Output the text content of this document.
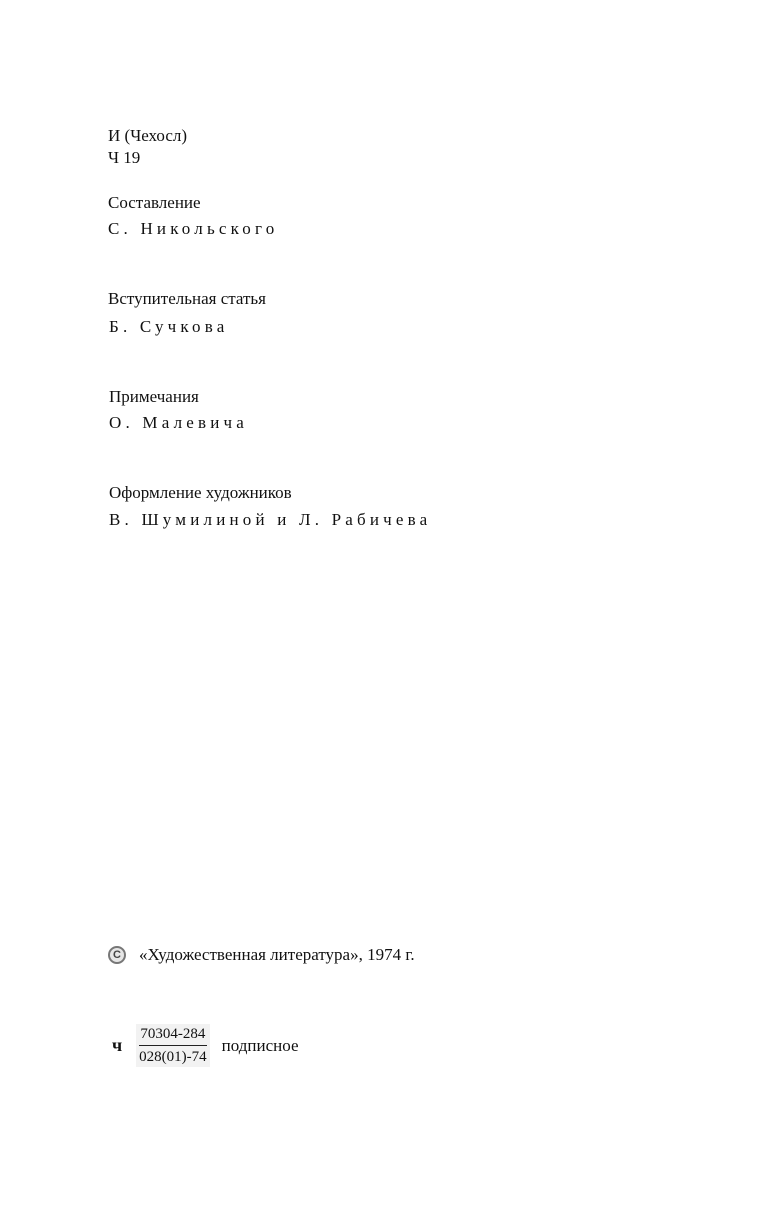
И (Чехосл)
Ч 19
Составление
С. Никольского
Вступительная статья
Б. Сучкова
Примечания
О. Малевича
Оформление художников
В. Шумилиной и Л. Рабичева
C «Художественная литература», 1974 г.
ч $\frac{70304-284}{028(01)-74}$ подписное
